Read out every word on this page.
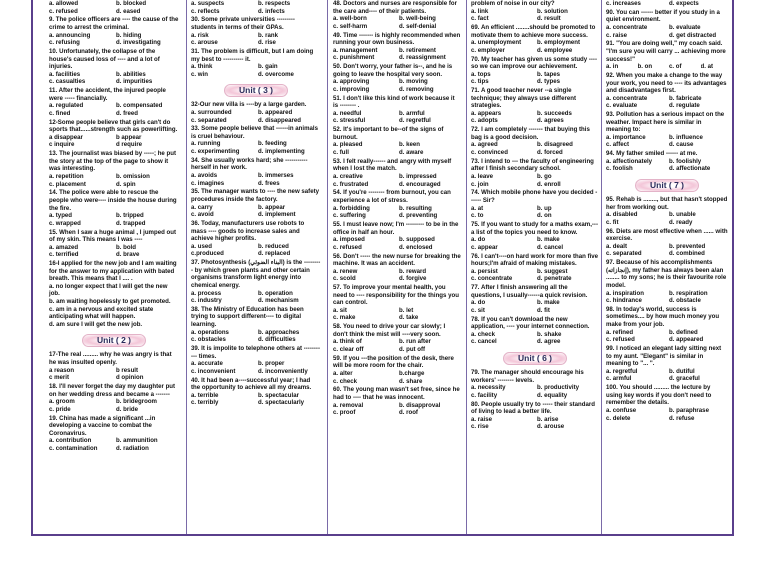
a. allowed	b. blocked
c. refused	d. eased
9. The police officers are ---- the cause of the crime to arrest the criminal.
a. announcing	b. hiding
c. refusing	d. investigating
10. Unfortunately, the collapse of the house's caused loss of ---- and a lot of injuries.
a. facilities	b. abilities
c. casualties	d. impurities
11. After the accident, the injured people were ----- financially.
a. regulated	b. compensated
c. fined	d. freed
12-Some people believe that girls can't do sports that......strength such as powerlifting.
a disappear	b appear
c inquire	d require
13. The journalist was biased by -----; he put the story at the top of the page to show it was interesting.
a. repetition	b. omission
c. placement	d. spin
14. The police were able to rescue the people who were---- inside the house during the fire.
a. typed	b. tripped
c. wrapped	d. trapped
15. When I saw a huge animal , I jumped out of my skin. This means I was ----
a. amazed	b. bold
c. terrified	d. brave
16-I applied for the new job and I am waiting for the answer to my application with bated breath. This means that I .... .
a. no longer expect that I will get the new job.
b. am waiting hopelessly to get promoted.
c. am in a nervous and excited state anticipating what will happen.
d. am sure I will get the new job.
Unit ( 2 )
17-The real ......... why he was angry is that he was insulted openly.
a reason	b result
c merit	d opinion
18. I'll never forget the day my daughter put on her wedding dress and became a -------
a. groom	b. bridegroom
c. pride	d. bride
19. China has made a significant ...in developing a vaccine to combat the Coronavirus.
a. contribution	b. ammunition
c. contamination	d. radiation
a. suspects	b. respects
c. reflects	d. infects
30. Some private universities --------- students in terms of their GPAs.
a. risk	b. rank
c. arouse	d. rise
31. The problem is difficult, but I am doing my best to ---------- it.
a. think	b. gain
c. win	d. overcome
Unit ( 3 )
32-Our new villa is ----by a large garden.
a. surrounded	b. appeared
c. separated	d. disappeared
33. Some people believe that ------in animals is cruel behaviour.
a. running	b. feeding
c. experimenting	d. implementing
34. She usually works hard; she ----------- herself in her work.
a. avoids	b. immerses
c. imagines	d. frees
35. The manager wants to ---- the new safety procedures inside the factory.
a. carry	b. appear
c. avoid	d. implement
36. Today, manufacturers use robots to mass ---- goods to increase sales and achieve higher profits.
a. used	b. reduced
c.produced	d. replaced
37. Photosynthesis (البناء الضوئي) is the --------- by which green plants and other certain organisms transform light energy into chemical energy.
a. process	b. operation
c. industry	d. mechanism
38. The Ministry of Education has been trying to support different---- to digital learning.
a. operations	b. approaches
c. obstacles	d. difficulties
39. It is impolite to telephone others at ----------- times.
a. accurate	b. proper
c. inconvenient	d. inconveniently
40. It had been a----successful year; I had the opportunity to achieve all my dreams.
a. terrible	b. spectacular
c. terribly	d. spectacularly
48. Doctors and nurses are responsible for the care and---- of their patients.
a. well-born	b. well-being
c. self-harm	d. self-denial
49. Time ------- is highly recommended when running your own business.
a. management	b. retirement
c. punishment	d. reassignment
50. Don't worry, your father is--, and he is going to leave the hospital very soon.
a. approving	b. moving
c. improving	d. removing
51. I don't like this kind of work because it is -------- .
a. needful	b. armful
c. stressful	d. regretful
52. It's important to be--of the signs of burnout.
a. pleased	b. keen
c. full	d. aware
53. I felt really------ and angry with myself when I lost the match.
a. creative	b. impressed
c. frustrated	d. encouraged
54. If you're -------- from burnout, you can experience a lot of stress.
a. forbidding	b. resulting
c. suffering	d. preventing
55. I must leave now; I'm --------- to be in the office in half an hour.
a. imposed	b. supposed
c. refused	d. enclosed
56. Don't ----- the new nurse for breaking the machine. It was an accident.
a. renew	b. reward
c. scold	d. forgive
57. To improve your mental health, you need to ---- responsibility for the things you can control.
a. sit	b. let
c. make	d. take
58. You need to drive your car slowly; I don't think the mist will ----very soon.
a. think of	b. run after
c. clear off	d. put off
59. If you ---the position of the desk, there will be more room for the chair.
a. alter	b.charge
c. check	d. share
60. The young man wasn't set free, since he had to ---- that he was innocent.
a. removal	b. disapproval
c. proof	d. roof
problem of noise in our city?
a. link	b. solution
c. fact	d. result
69. An efficient ........should be promoted to motivate them to achieve more success.
a. unemployment	b. employment
c. employer	d. employee
70. My teacher has given us some study ----so we can improve our achievement.
a. tops	b. tapes
c. tips	d. types
71. A good teacher never --a single technique; they always use different strategies.
a. appears	b. succeeds
c. adopts	d. agrees
72. I am completely ------- that buying this bag is a good decision.
a. agreed	b. disagreed
c. convinced	d. forced
73. I intend to --- the faculty of engineering after I finish secondary school.
a. leave	b. go
c. join	d. enroll
74. Which mobile phone have you decided ------ Sir?
a. at	b. up
c. to	d. on
75. If you want to study for a maths exam,---a list of the topics you need to know.
a. do	b. make
c. appear	d. cancel
76. I can't----on hard work for more than five hours;I'm afraid of making mistakes.
a. persist	b. suggest
c. concentrate	d. penetrate
77. After I finish answering all the questions, I usually------a quick revision.
a. do	b. make
c. sit	d. fit
78. If you can't download the new application, ---- your internet connection.
a. check	b. shake
c. cancel	d. agree
Unit ( 6 )
79. The manager should encourage his workers' -------- levels.
a. necessity	b. productivity
c. facility	d. equality
80. People usually try to ----- their standard of living to lead a better life.
a. raise	b. arise
c. rise	d. arouse
c. increases	d. expects
90. You can ------ better if you study in a quiet environment.
a. concentrate	b. evaluate
c. raise	d. get distracted
91. "You are doing well," my coach said. "I'm sure you will carry ... achieving more success!"
a. in	b. on	c. of	d. at
92. When you make a change to the way your work, you need to ---- its advantages and disadvantages first.
a. concentrate	b. fabricate
c. evaluate	d. regulate
93. Pollution has a serious impact on the weather. Impact here is similar in meaning to:
a. importance	b. influence
c. affect	d. cause
94. My father smiled ------ at me.
a. affectionately	b. foolishly
c. foolish	d. affectionate
Unit ( 7 )
95. Rehab is ........, but that hasn't stopped her from working out.
a. disabled	b. unable
c. fit	d. ready
96. Diets are most effective when ...... with exercise.
a. dealt	b. prevented
c. separated	d. combined
97. Because of his accomplishments (إنجازاته), my father has always been a/an ........ to my sons; he is their favourite role model.
a. inspiration	b. respiration
c. hindrance	d. obstacle
98. In today's world, success is sometimes.... by how much money you make from your job.
a. refined	b. defined
c. refused	d. appeared
99. I noticed an elegant lady sitting next to my aunt. "Elegant" is similar in meaning to "... ".
a. regretful	b. dutiful
c. armful	d. graceful
100. You should ......... the lecture by using key words if you don't need to remember the details.
a. confuse	b. paraphrase
c. delete	d. refuse
